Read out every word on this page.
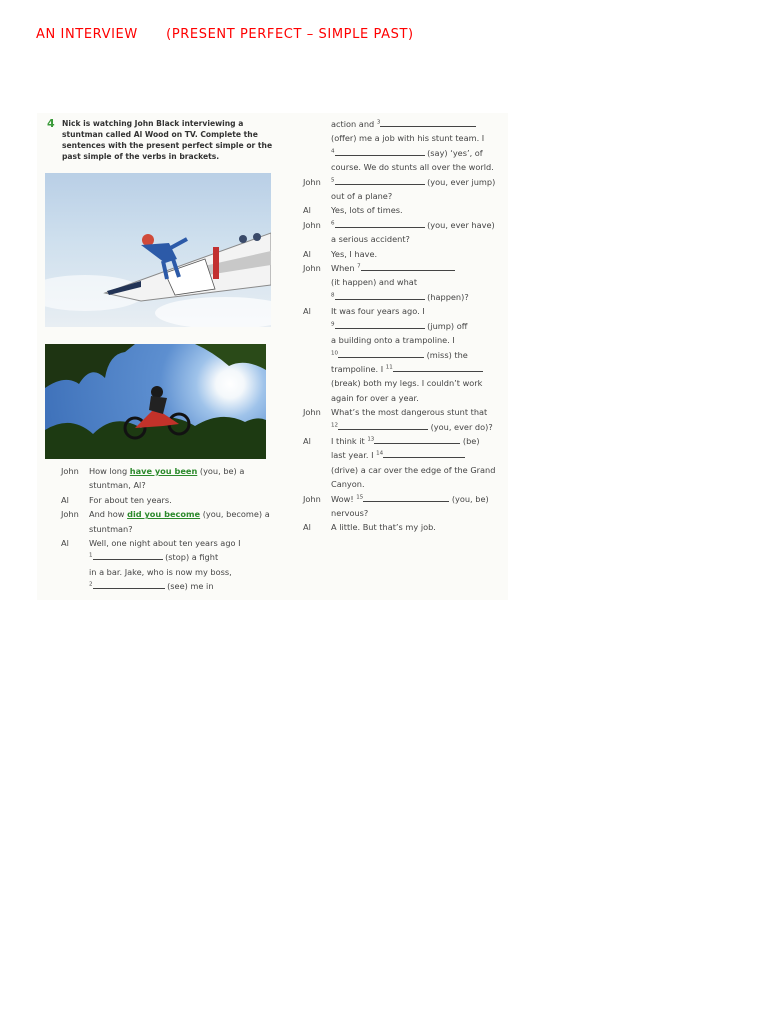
AN INTERVIEW      (PRESENT PERFECT – SIMPLE PAST)
4 Nick is watching John Black interviewing a stuntman called Al Wood on TV. Complete the sentences with the present perfect simple or the past simple of the verbs in brackets.
John	How long have you been (you, be) a
stuntman, Al?
Al	For about ten years.
John	And how did you become (you, become) a
stuntman?
Al	Well, one night about ten years ago I
$^1$	(stop) a fight
in a bar. Jake, who is now my boss,
$^2$	(see) me in
action and $^3$
(offer) me a job with his stunt team. I
$^4$	(say) ‘yes’, of
course. We do stunts all over the world.
John	$^5$	(you, ever jump)
out of a plane?
Al	Yes, lots of times.
John	$^6$	(you, ever have)
a serious accident?
Al	Yes, I have.
John	When $^7$
(it happen) and what
$^8$	(happen)?
Al	It was four years ago. I
$^9$	(jump) off
a building onto a trampoline. I
$^{10}$	(miss) the
trampoline. I $^{11}$
(break) both my legs. I couldn’t work
again for over a year.
John	What’s the most dangerous stunt that
$^{12}$	(you, ever do)?
Al	I think it $^{13}$	(be)
last year. I $^{14}$
(drive) a car over the edge of the Grand
Canyon.
John	Wow! $^{15}$	(you, be)
nervous?
Al	A little. But that’s my job.
